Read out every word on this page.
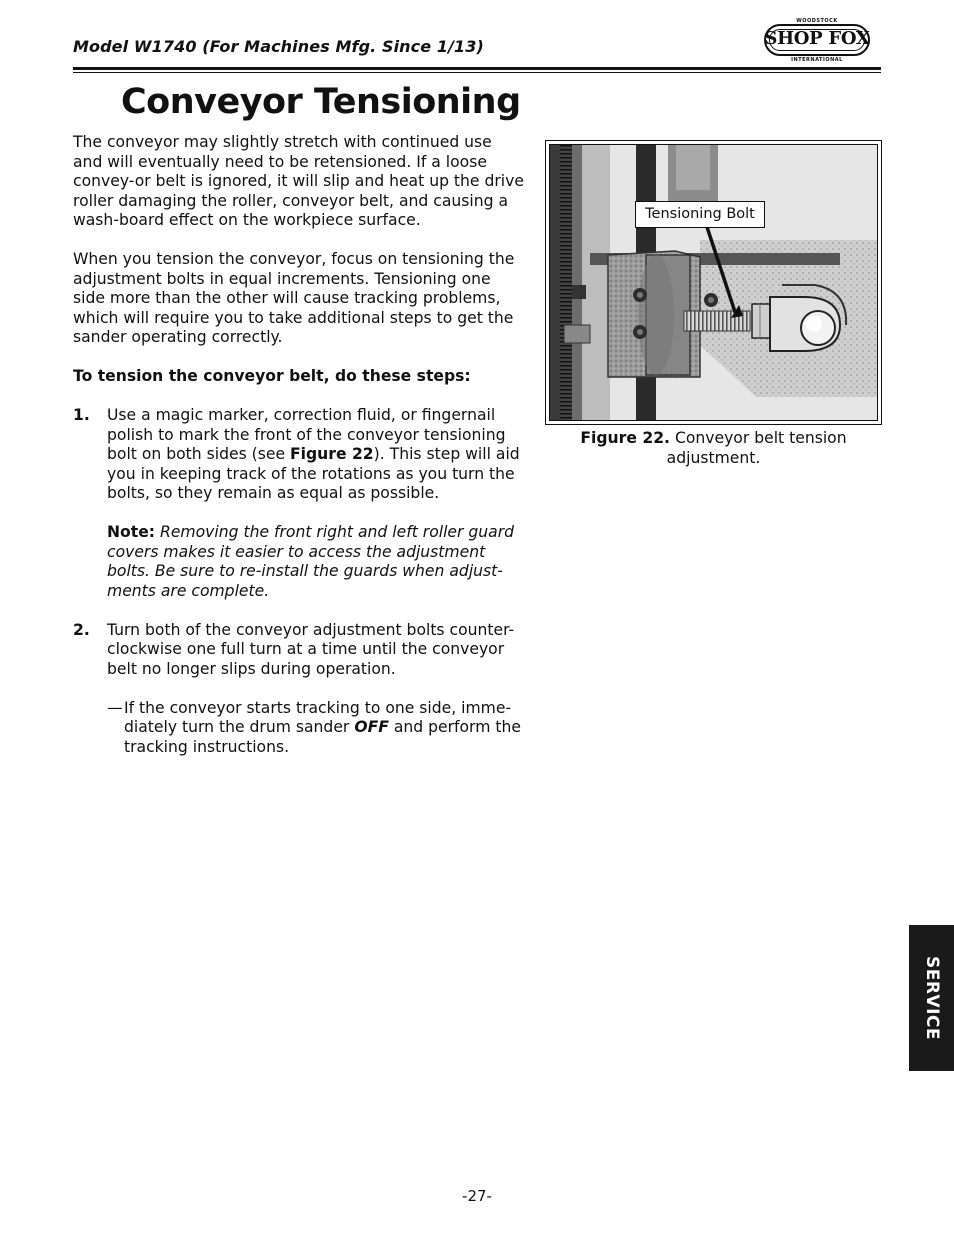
Model W1740 (For Machines Mfg. Since 1/13)
WOODSTOCK
SHOP FOX
INTERNATIONAL
Conveyor Tensioning

The conveyor may slightly stretch with continued use and will eventually need to be retensioned. If a loose convey-or belt is ignored, it will slip and heat up the drive roller damaging the roller, conveyor belt, and causing a wash-board effect on the workpiece surface.

When you tension the conveyor, focus on tensioning the adjustment bolts in equal increments. Tensioning one side more than the other will cause tracking problems, which will require you to take additional steps to get the sander operating correctly.

To tension the conveyor belt, do these steps:

1. Use a magic marker, correction fluid, or fingernail polish to mark the front of the conveyor tensioning bolt on both sides (see Figure 22). This step will aid you in keeping track of the rotations as you turn the bolts, so they remain as equal as possible.
Note: Removing the front right and left roller guard covers makes it easier to access the adjustment bolts. Be sure to re-install the guards when adjust-ments are complete.
2. Turn both of the conveyor adjustment bolts counter-clockwise one full turn at a time until the conveyor belt no longer slips during operation.
— If the conveyor starts tracking to one side, imme-diately turn the drum sander OFF and perform the tracking instructions.
Tensioning Bolt
Figure 22. Conveyor belt tension adjustment.
SERVICE
-27-
